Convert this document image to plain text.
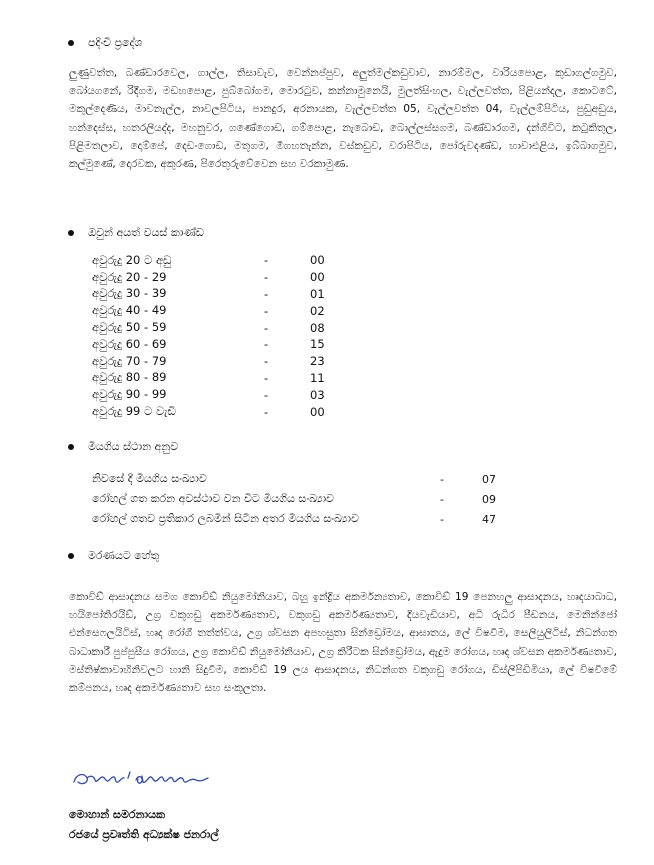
පදිංචි ප්‍රදේශ
ලුණුවත්ත, බණ්ඩාරවෙල, ගාල්ල, තිසාවැව, වෙන්නප්පුව, අලුත්මල්කඩුවාව, නාරම්මල, වාරියපොළ, කුඩාගල්ගමුව, බෝයගනේ, රිදීගම, මඩහපොළ, පුබ්බෝගම, මොරටුව, කන්නාමුනෙයි, මුලත්සිංහල, වැල්ලවත්ත, පිළියන්දල, කොටටේ, මකුල්දෙණිය, මාවනැල්ල, නාවලපිටිය, පානදුර, අරනායක, වැල්ලවත්ත 05, වැල්ලවත්ත 04, වැල්ලම්පිටිය, පුඩුඅඩුය, හන්දෙස්ස, හතරලියද්ද, මහනුවර, ගණේගොඩ, ගම්පොළ, නැබොඩ, බොල්ලස්සගම, බණ්ඩාරගම, දන්ගිවිට, කටුකිතුල, පිළිමතලාව, දොම්පේ, දෙඩංගොඩ, මතුගම, මීගහතැන්න, වස්කඩුව, වරාපිටිය, පෝරුවදණ්ඩ, හාවාඑළිය, ඉබ්බාගමුව, කල්මුණේ, දොරවක, අකුරණ, පිරෙතුරුවේවෙන සහ වරකාමුණ.
ඔවුන් අයත් වයස් කාණ්ඩ
අවුරුදු 20 ට අඩු	-	00
අවුරුදු 20 - 29	-	00
අවුරුදු 30 - 39	-	01
අවුරුදු 40 - 49	-	02
අවුරුදු 50 - 59	-	08
අවුරුදු 60 - 69	-	15
අවුරුදු 70 - 79	-	23
අවුරුදු 80 - 89	-	11
අවුරුදු 90 - 99	-	03
අවුරුදු 99 ට වැඩි	-	00
මියගිය ස්ථාන අනුව
නිවසේ දී මියගිය සංඛ්‍යාව	-	07
රෝහල් ගත කරන අවස්ථාව වන විට මියගිය සංඛ්‍යාව	-	09
රෝහල් ගතව ප්‍රතිකාර ලබමින් සිටින අතර මියගිය සංඛ්‍යාව	-	47
මරණයට හේතු
කොවිඩ් ආසාදනය සමග කොවිඩ් නියුමෝනියාව, බහු ඉන්ද්‍රිය අකර්මන්‍යතාව, කොවිඩ් 19 පෙනහලු ආසාදනය, හෘදයාබාධ, හයිපෝතිරයිඩ්, උග්‍ර වකුගඩු අකර්මණ්‍යතාව, වකුගඩු අකර්මණ්‍යතාව, දියවැඩියාව, අධි රුධිර පීඩනය, මෙනින්ජෝ එන්සෙෆලයිටිස්, හෘද රෝගී තත්ත්වය, උග්‍ර ශ්වසන අපහසුතා සින්ඩ්‍රෝමය, ආඝාතය, ලේ විෂවීම, සෙලියුලිටිස්, නිධන්ගත බාධාකාරී පුප්පුසීය රෝගය, උග්‍ර කොවිඩ් නියුමෝනියාව, උග්‍ර කිරීටක සින්ඩ්‍රෝමය, ඇදුම රෝගය, හෘද ශ්වසන අකර්මණ්‍යතාව, මස්තිෂ්කාවාහිනිවලට හානි සිදුවීම, කොවිඩ් 19 ලය ආසාදනය, නිධන්ගත වකුගඩු රෝගය, ඩිස්ලිපිඩිමියා, ලේ විෂවීමේ කම්පනය, හෘද අකර්මණ්‍යතාව සහ සංකූලතා.
මොහාන් සමරනායක
රජයේ ප්‍රවෘත්ති අධ්‍යක්ෂ ජනරාල්
